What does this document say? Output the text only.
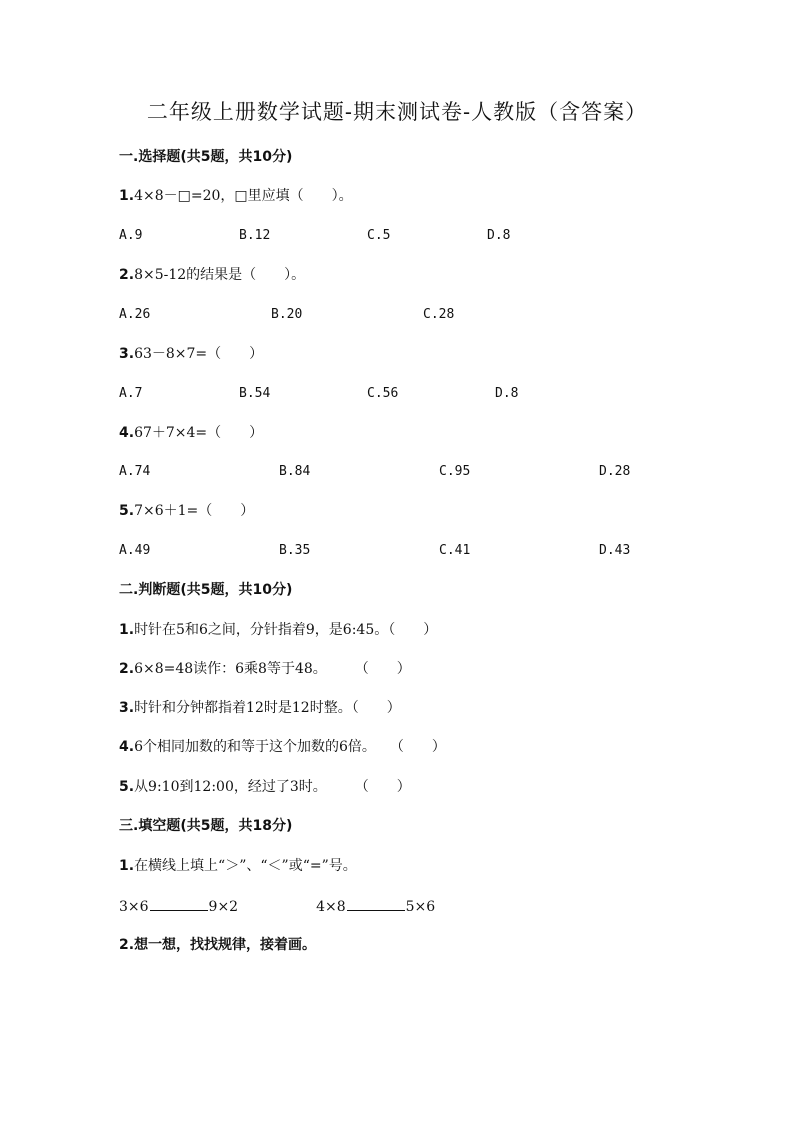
二年级上册数学试题-期末测试卷-人教版（含答案）
一.选择题(共5题，共10分)
1.4×8－□=20，□里应填（　　）。
A.9	B.12	C.5	D.8
2.8×5-12的结果是（　　）。
A.26	B.20	C.28
3.63－8×7=（　　）
A.7	B.54	C.56	D.8
4.67＋7×4=（　　）
A.74	B.84	C.95	D.28
5.7×6＋1=（　　）
A.49	B.35	C.41	D.43
二.判断题(共5题，共10分)
1.时针在5和6之间，分针指着9，是6:45。（　　）
2.6×8=48读作：6乘8等于48。　　　（　　）
3.时针和分钟都指着12时是12时整。（　　）
4.6个相同加数的和等于这个加数的6倍。　　（　　）
5.从9:10到12:00，经过了3时。　　　（　　）
三.填空题(共5题，共18分)
1.在横线上填上“＞”、“＜”或“=”号。
3×6	9×2	4×8	5×6
2.想一想，找找规律，接着画。
